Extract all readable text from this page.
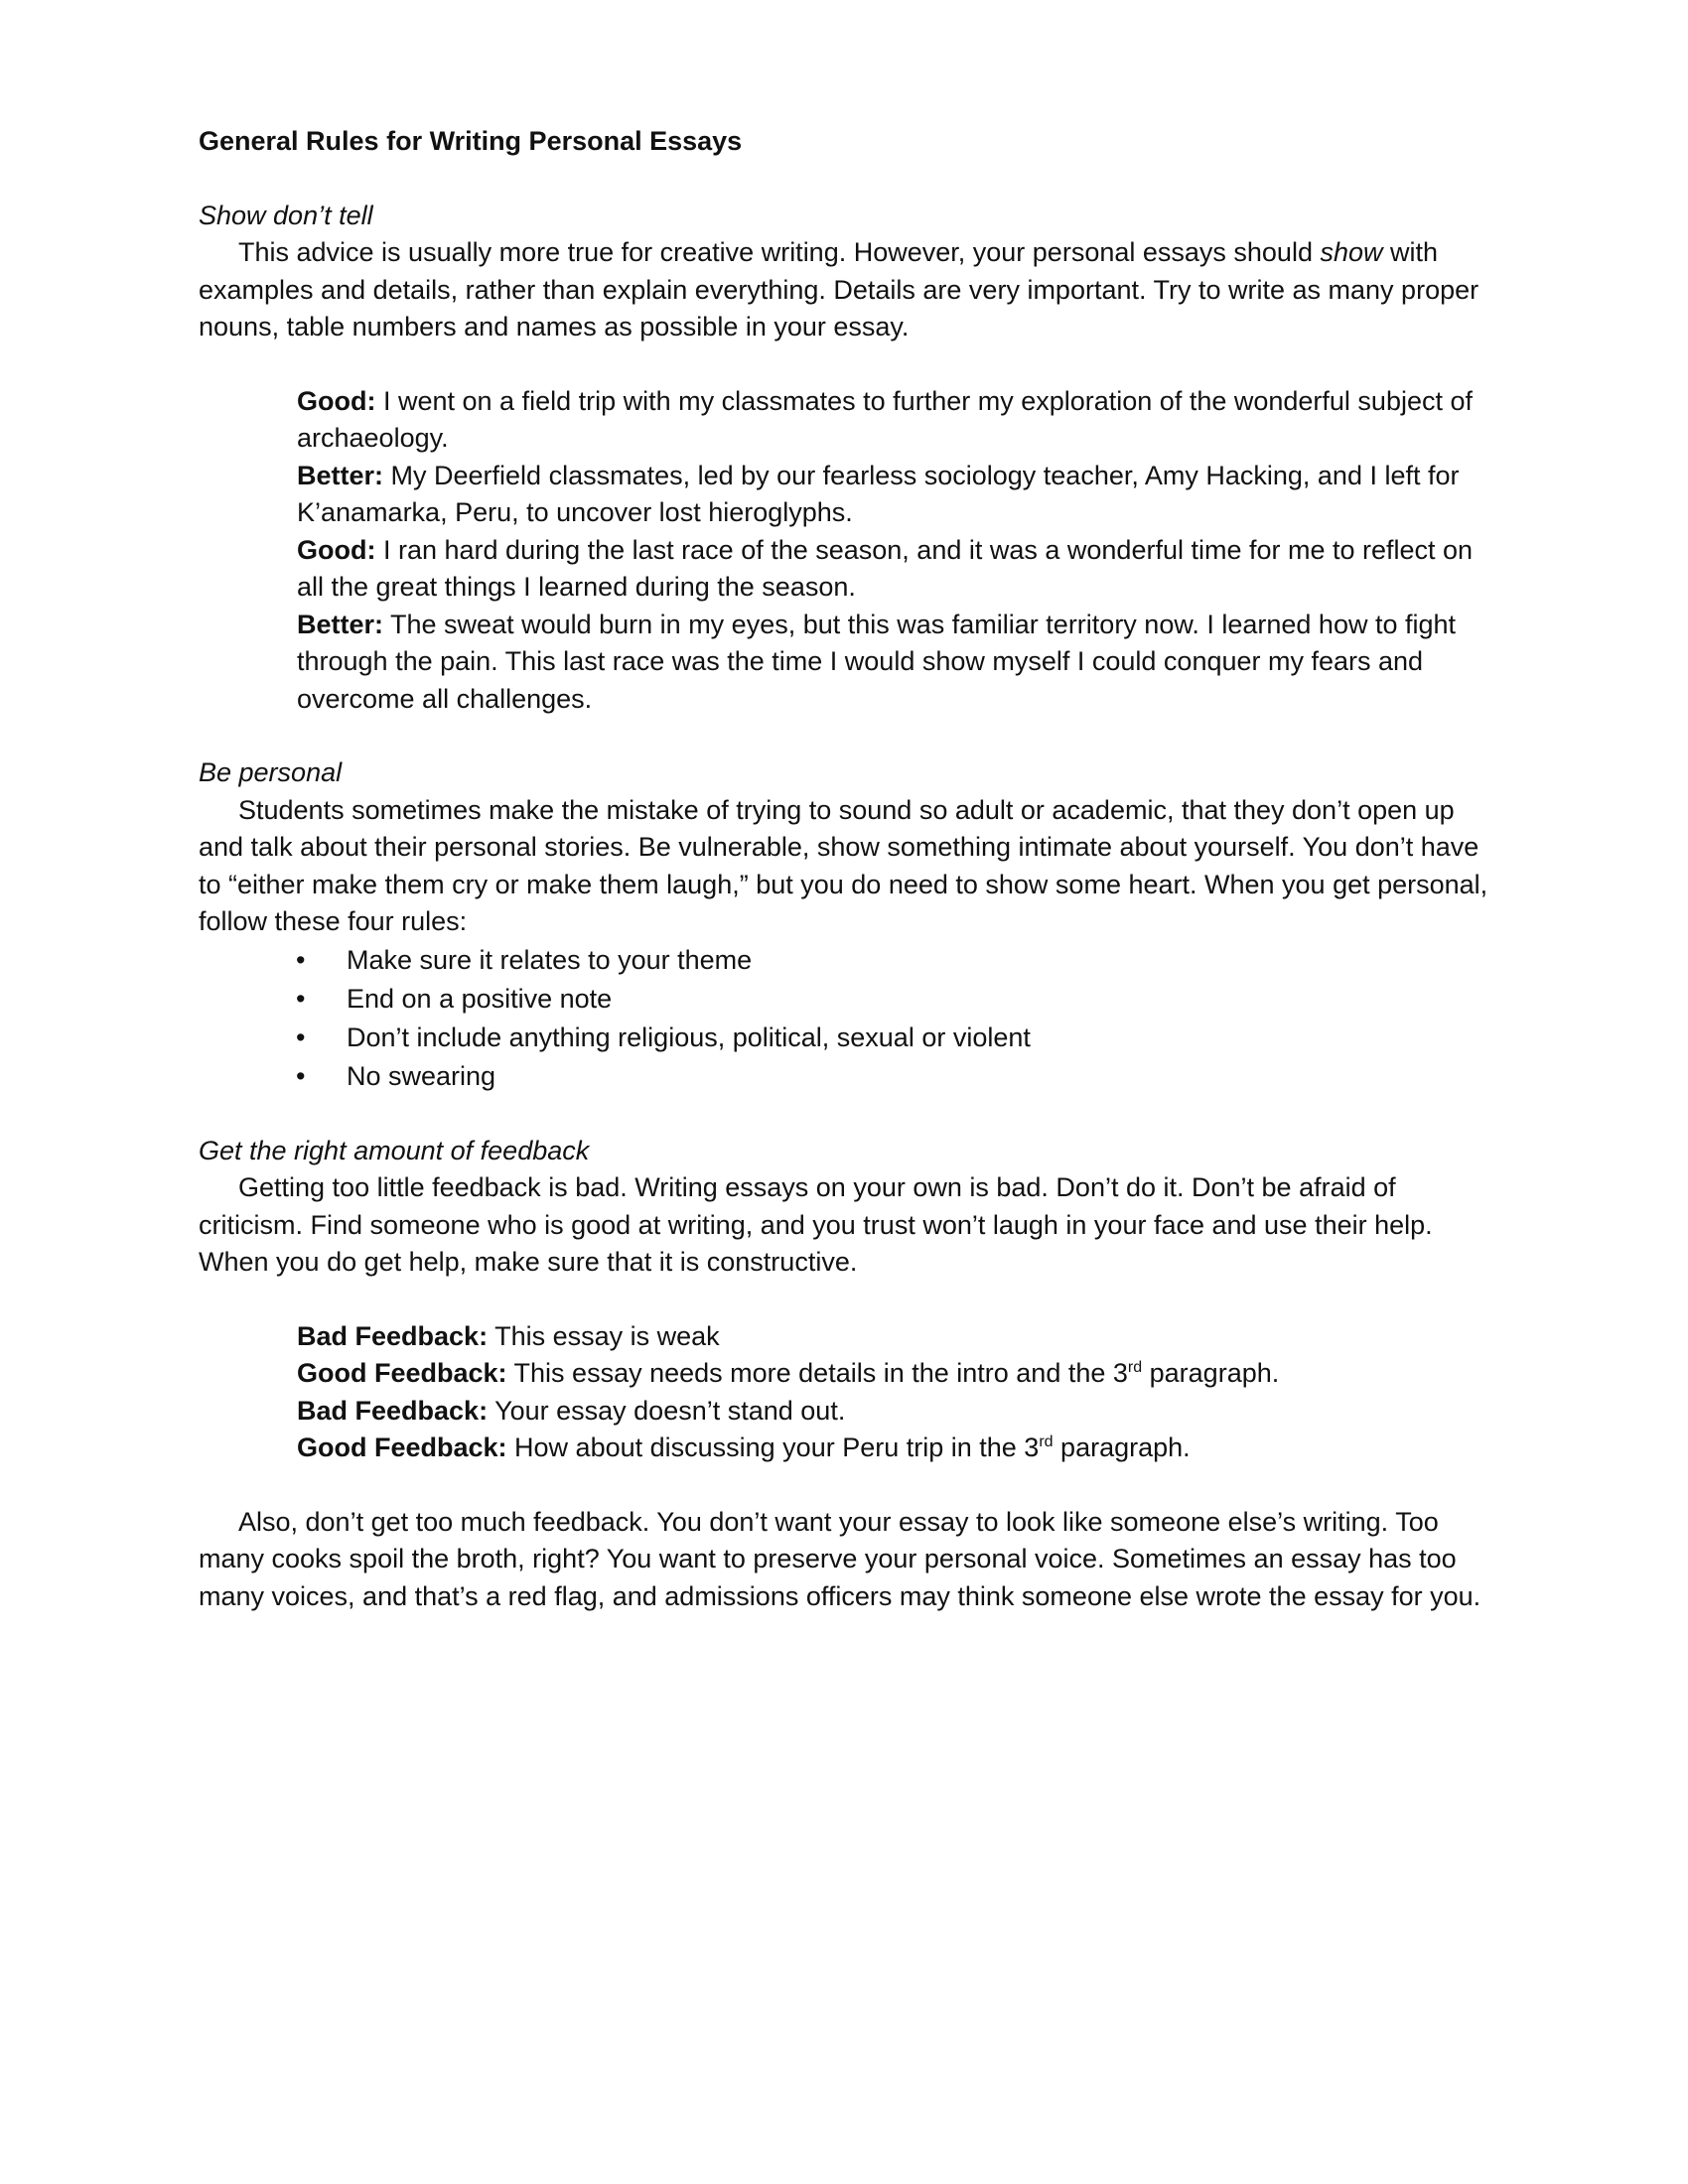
General Rules for Writing Personal Essays

Show don’t tell

This advice is usually more true for creative writing. However, your personal essays should show with examples and details, rather than explain everything. Details are very important. Try to write as many proper nouns, table numbers and names as possible in your essay.

Good: I went on a field trip with my classmates to further my exploration of the wonderful subject of archaeology.

Better: My Deerfield classmates, led by our fearless sociology teacher, Amy Hacking, and I left for K’anamarka, Peru, to uncover lost hieroglyphs.

Good: I ran hard during the last race of the season, and it was a wonderful time for me to reflect on all the great things I learned during the season.

Better: The sweat would burn in my eyes, but this was familiar territory now. I learned how to fight through the pain. This last race was the time I would show myself I could conquer my fears and overcome all challenges.

Be personal

Students sometimes make the mistake of trying to sound so adult or academic, that they don’t open up and talk about their personal stories. Be vulnerable, show something intimate about yourself. You don’t have to “either make them cry or make them laugh,” but you do need to show some heart. When you get personal, follow these four rules:

• Make sure it relates to your theme
• End on a positive note
• Don’t include anything religious, political, sexual or violent
• No swearing

Get the right amount of feedback

Getting too little feedback is bad. Writing essays on your own is bad. Don’t do it. Don’t be afraid of criticism. Find someone who is good at writing, and you trust won’t laugh in your face and use their help. When you do get help, make sure that it is constructive.

Bad Feedback: This essay is weak

Good Feedback: This essay needs more details in the intro and the 3rd paragraph.

Bad Feedback: Your essay doesn’t stand out.

Good Feedback: How about discussing your Peru trip in the 3rd paragraph.

Also, don’t get too much feedback. You don’t want your essay to look like someone else’s writing. Too many cooks spoil the broth, right? You want to preserve your personal voice. Sometimes an essay has too many voices, and that’s a red flag, and admissions officers may think someone else wrote the essay for you.
